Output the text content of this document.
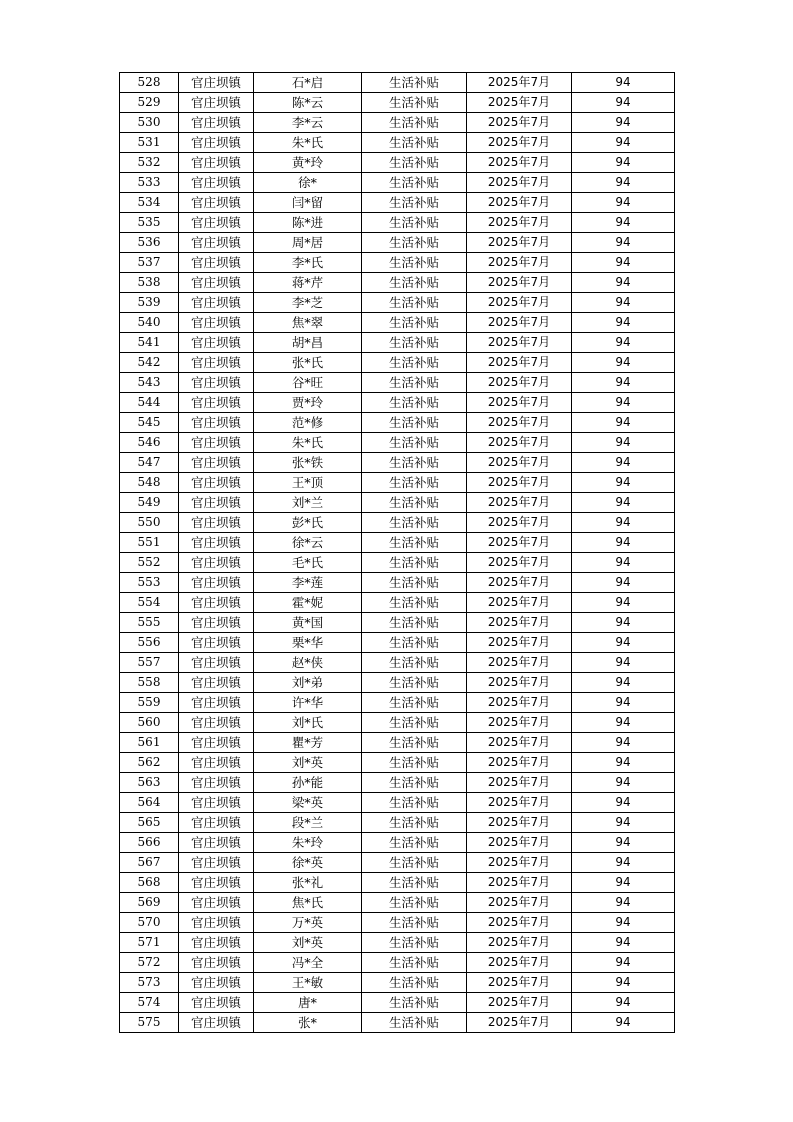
528	官庄坝镇	石*启	生活补贴	2025年7月	94
529	官庄坝镇	陈*云	生活补贴	2025年7月	94
530	官庄坝镇	李*云	生活补贴	2025年7月	94
531	官庄坝镇	朱*氏	生活补贴	2025年7月	94
532	官庄坝镇	黄*玲	生活补贴	2025年7月	94
533	官庄坝镇	徐*	生活补贴	2025年7月	94
534	官庄坝镇	闫*留	生活补贴	2025年7月	94
535	官庄坝镇	陈*进	生活补贴	2025年7月	94
536	官庄坝镇	周*居	生活补贴	2025年7月	94
537	官庄坝镇	李*氏	生活补贴	2025年7月	94
538	官庄坝镇	蒋*芹	生活补贴	2025年7月	94
539	官庄坝镇	李*芝	生活补贴	2025年7月	94
540	官庄坝镇	焦*翠	生活补贴	2025年7月	94
541	官庄坝镇	胡*昌	生活补贴	2025年7月	94
542	官庄坝镇	张*氏	生活补贴	2025年7月	94
543	官庄坝镇	谷*旺	生活补贴	2025年7月	94
544	官庄坝镇	贾*玲	生活补贴	2025年7月	94
545	官庄坝镇	范*修	生活补贴	2025年7月	94
546	官庄坝镇	朱*氏	生活补贴	2025年7月	94
547	官庄坝镇	张*铁	生活补贴	2025年7月	94
548	官庄坝镇	王*顶	生活补贴	2025年7月	94
549	官庄坝镇	刘*兰	生活补贴	2025年7月	94
550	官庄坝镇	彭*氏	生活补贴	2025年7月	94
551	官庄坝镇	徐*云	生活补贴	2025年7月	94
552	官庄坝镇	毛*氏	生活补贴	2025年7月	94
553	官庄坝镇	李*莲	生活补贴	2025年7月	94
554	官庄坝镇	霍*妮	生活补贴	2025年7月	94
555	官庄坝镇	黄*国	生活补贴	2025年7月	94
556	官庄坝镇	栗*华	生活补贴	2025年7月	94
557	官庄坝镇	赵*侠	生活补贴	2025年7月	94
558	官庄坝镇	刘*弟	生活补贴	2025年7月	94
559	官庄坝镇	许*华	生活补贴	2025年7月	94
560	官庄坝镇	刘*氏	生活补贴	2025年7月	94
561	官庄坝镇	瞿*芳	生活补贴	2025年7月	94
562	官庄坝镇	刘*英	生活补贴	2025年7月	94
563	官庄坝镇	孙*能	生活补贴	2025年7月	94
564	官庄坝镇	梁*英	生活补贴	2025年7月	94
565	官庄坝镇	段*兰	生活补贴	2025年7月	94
566	官庄坝镇	朱*玲	生活补贴	2025年7月	94
567	官庄坝镇	徐*英	生活补贴	2025年7月	94
568	官庄坝镇	张*礼	生活补贴	2025年7月	94
569	官庄坝镇	焦*氏	生活补贴	2025年7月	94
570	官庄坝镇	万*英	生活补贴	2025年7月	94
571	官庄坝镇	刘*英	生活补贴	2025年7月	94
572	官庄坝镇	冯*全	生活补贴	2025年7月	94
573	官庄坝镇	王*敏	生活补贴	2025年7月	94
574	官庄坝镇	唐*	生活补贴	2025年7月	94
575	官庄坝镇	张*	生活补贴	2025年7月	94
